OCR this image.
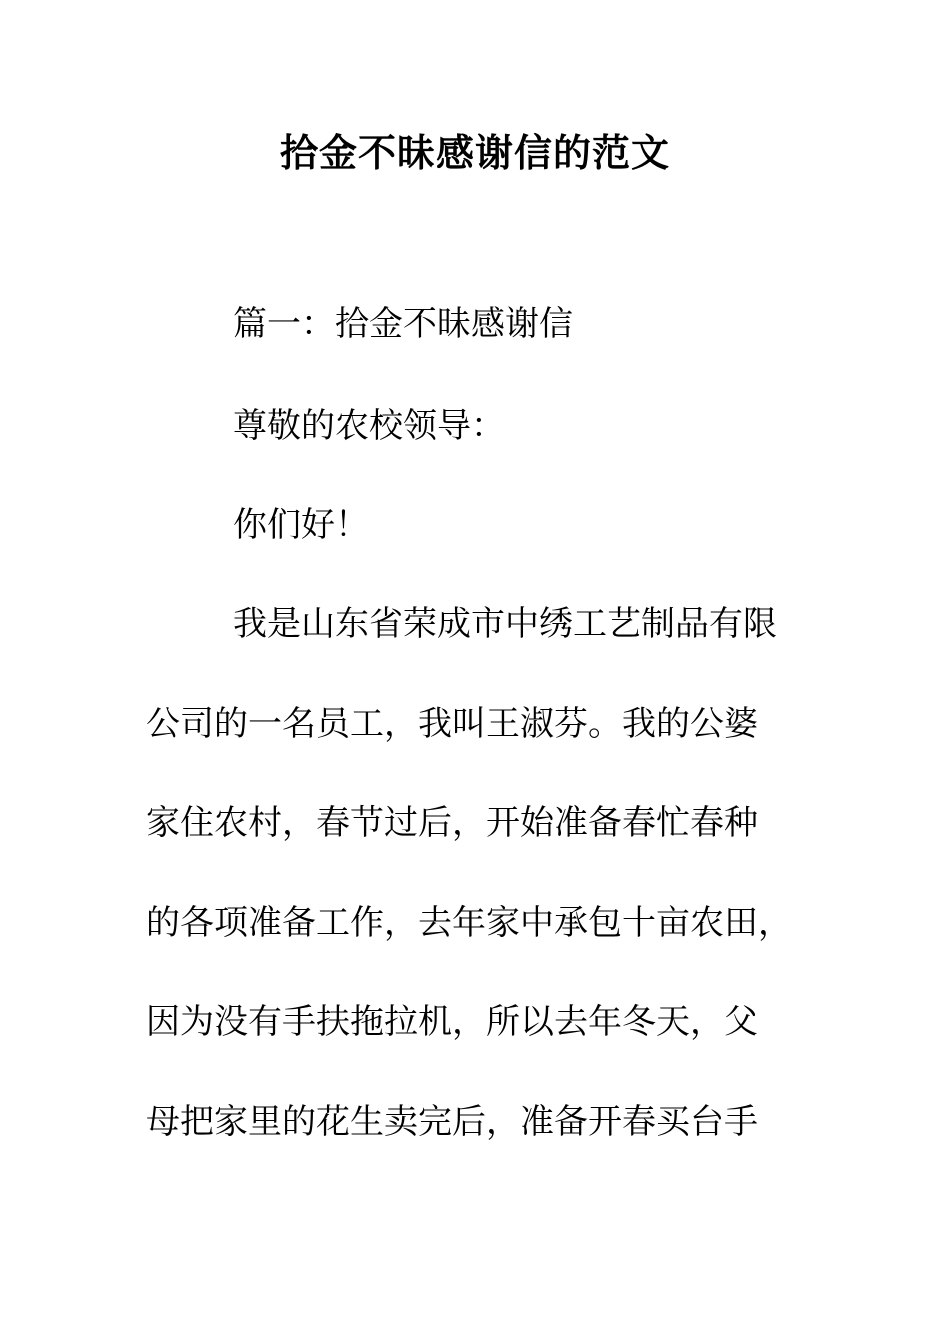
拾金不昧感谢信的范文
篇一：拾金不昧感谢信
尊敬的农校领导：
你们好！
我是山东省荣成市中绣工艺制品有限
公司的一名员工，我叫王淑芬。我的公婆
家住农村，春节过后，开始准备春忙春种
的各项准备工作，去年家中承包十亩农田，
因为没有手扶拖拉机，所以去年冬天，父
母把家里的花生卖完后，准备开春买台手
